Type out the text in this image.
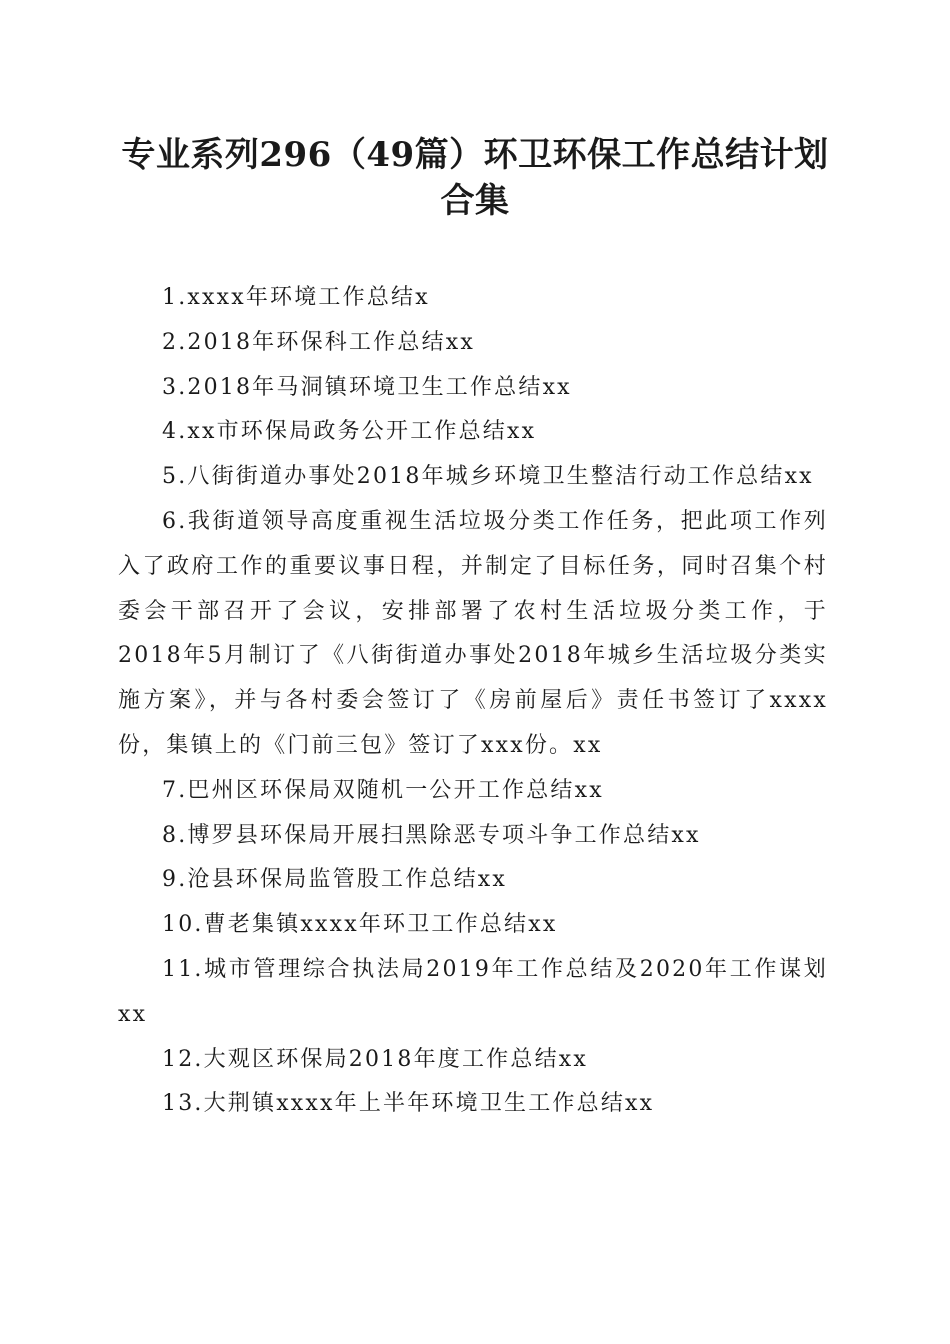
专业系列296（49篇）环卫环保工作总结计划合集

1.xxxx年环境工作总结x

2.2018年环保科工作总结xx

3.2018年马洞镇环境卫生工作总结xx

4.xx市环保局政务公开工作总结xx

5.八街街道办事处2018年城乡环境卫生整洁行动工作总结xx

6.我街道领导高度重视生活垃圾分类工作任务，把此项工作列入了政府工作的重要议事日程，并制定了目标任务，同时召集个村委会干部召开了会议，安排部署了农村生活垃圾分类工作，于2018年5月制订了《八街街道办事处2018年城乡生活垃圾分类实施方案》，并与各村委会签订了《房前屋后》责任书签订了xxxx份，集镇上的《门前三包》签订了xxx份。xx

7.巴州区环保局双随机一公开工作总结xx

8.博罗县环保局开展扫黑除恶专项斗争工作总结xx

9.沧县环保局监管股工作总结xx

10.曹老集镇xxxx年环卫工作总结xx

11.城市管理综合执法局2019年工作总结及2020年工作谋划xx

12.大观区环保局2018年度工作总结xx

13.大荆镇xxxx年上半年环境卫生工作总结xx
